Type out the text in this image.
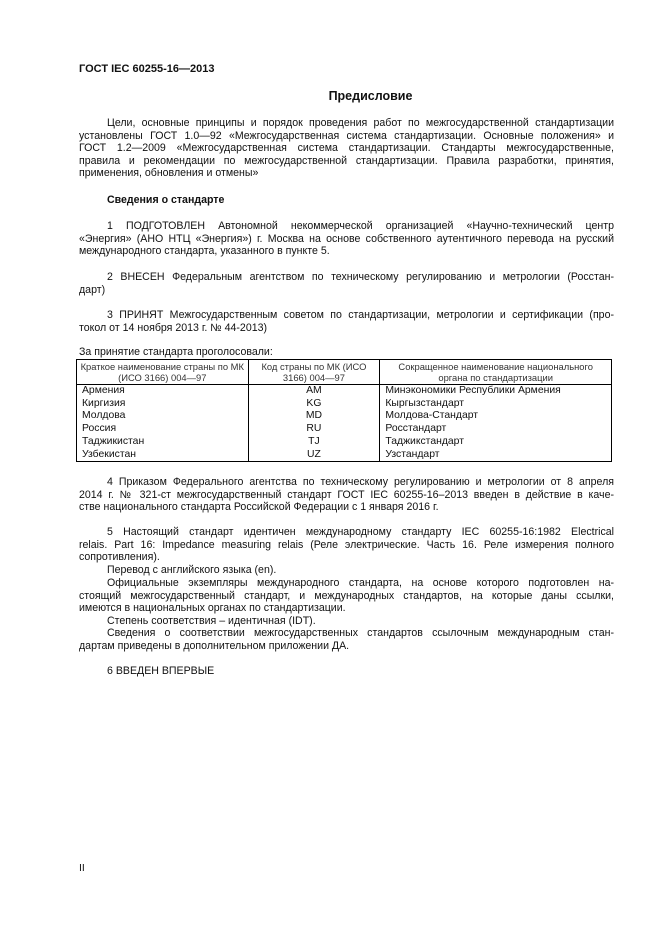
ГОСТ IEC 60255-16—2013
Предисловие
Цели, основные принципы и порядок проведения работ по межгосударственной стандартизации
установлены ГОСТ 1.0—92 «Межгосударственная система стандартизации. Основные положения» и
ГОСТ 1.2—2009 «Межгосударственная система стандартизации. Стандарты межгосударственные,
правила и рекомендации по межгосударственной стандартизации. Правила разработки, принятия,
применения, обновления и отмены»
Сведения о стандарте
1 ПОДГОТОВЛЕН Автономной некоммерческой организацией «Научно-технический центр
«Энергия» (АНО НТЦ «Энергия») г. Москва на основе собственного аутентичного перевода на русский
международного стандарта, указанного в пункте 5.
2 ВНЕСЕН Федеральным агентством по техническому регулированию и метрологии (Росстан-
дарт)
3 ПРИНЯТ Межгосударственным советом по стандартизации, метрологии и сертификации (про-
токол от 14 ноября 2013 г. № 44-2013)
За принятие стандарта проголосовали:
4 Приказом Федерального агентства по техническому регулированию и метрологии от 8 апреля
2014 г. № 321-ст межгосударственный стандарт ГОСТ IEC 60255-16–2013 введен в действие в каче-
стве национального стандарта Российской Федерации с 1 января 2016 г.
5 Настоящий стандарт идентичен международному стандарту IEC 60255-16:1982 Electrical
relais. Part 16: Impedance measuring relais (Реле электрические. Часть 16. Реле измерения полного
сопротивления).
Перевод с английского языка (en).
Официальные экземпляры международного стандарта, на основе которого подготовлен на-
стоящий межгосударственный стандарт, и международных стандартов, на которые даны ссылки,
имеются в национальных органах по стандартизации.
Степень соответствия – идентичная (IDT).
Сведения о соответствии межгосударственных стандартов ссылочным международным стан-
дартам приведены в дополнительном приложении ДА.
6 ВВЕДЕН ВПЕРВЫЕ
Краткое наименование страны по МК (ИСО 3166) 004—97	Код страны по МК (ИСО 3166) 004—97	Сокращенное наименование национального органа по стандартизации
Армения	AM	Минэкономики Республики Армения
Киргизия	KG	Кыргызстандарт
Молдова	MD	Молдова-Стандарт
Россия	RU	Росстандарт
Таджикистан	TJ	Таджикстандарт
Узбекистан	UZ	Узстандарт
II
